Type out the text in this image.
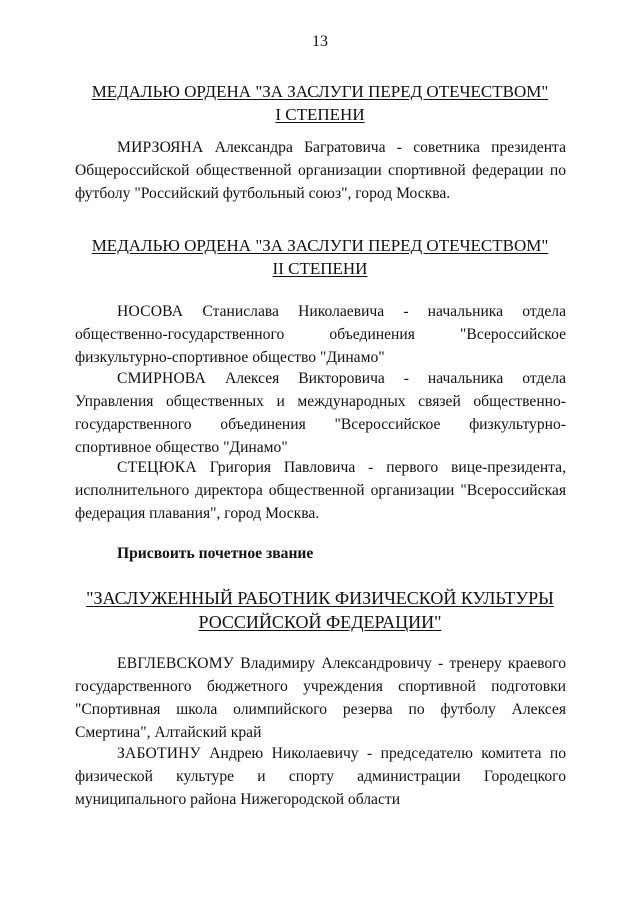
13
МЕДАЛЬЮ ОРДЕНА "ЗА ЗАСЛУГИ ПЕРЕД ОТЕЧЕСТВОМ"
I СТЕПЕНИ

МИРЗОЯНА Александра Багратовича - советника президента Общероссийской общественной организации спортивной федерации по футболу "Российский футбольный союз", город Москва.

МЕДАЛЬЮ ОРДЕНА "ЗА ЗАСЛУГИ ПЕРЕД ОТЕЧЕСТВОМ"
II СТЕПЕНИ

НОСОВА Станислава Николаевича - начальника отдела общественно-государственного объединения "Всероссийское физкультурно-спортивное общество "Динамо"

СМИРНОВА Алексея Викторовича - начальника отдела Управления общественных и международных связей общественно-государственного объединения "Всероссийское физкультурно-спортивное общество "Динамо"

СТЕЦЮКА Григория Павловича - первого вице-президента, исполнительного директора общественной организации "Всероссийская федерация плавания", город Москва.

Присвоить почетное звание
"ЗАСЛУЖЕННЫЙ РАБОТНИК ФИЗИЧЕСКОЙ КУЛЬТУРЫ
РОССИЙСКОЙ ФЕДЕРАЦИИ"

ЕВГЛЕВСКОМУ Владимиру Александровичу - тренеру краевого государственного бюджетного учреждения спортивной подготовки "Спортивная школа олимпийского резерва по футболу Алексея Смертина", Алтайский край

ЗАБОТИНУ Андрею Николаевичу - председателю комитета по физической культуре и спорту администрации Городецкого муниципального района Нижегородской области
